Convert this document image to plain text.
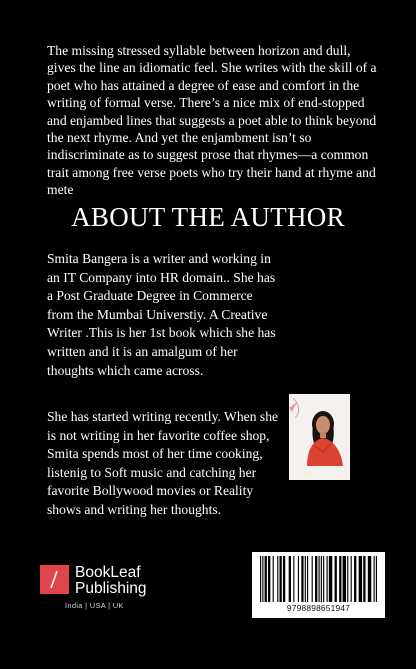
The missing stressed syllable between horizon and dull, gives the line an idiomatic feel. She writes with the skill of a poet who has attained a degree of ease and comfort in the writing of formal verse. There’s a nice mix of end-stopped and enjambed lines that suggests a poet able to think beyond the next rhyme. And yet the enjambment isn’t so indiscriminate as to suggest prose that rhymes—a common trait among free verse poets who try their hand at rhyme and mete

ABOUT THE AUTHOR

Smita Bangera is a writer and working in an IT Company into HR domain.. She has a Post Graduate Degree in Commerce from the Mumbai Universtiy. A Creative Writer .This is her 1st book which she has written and it is an amalgum of her thoughts which came across.

She has started writing recently. When she is not writing in her favorite coffee shop, Smita spends most of her time cooking, listenig to Soft music and catching her favorite Bollywood movies or Reality shows and writing her thoughts.

BookLeaf Publishing
India | USA | UK	9798898651947
